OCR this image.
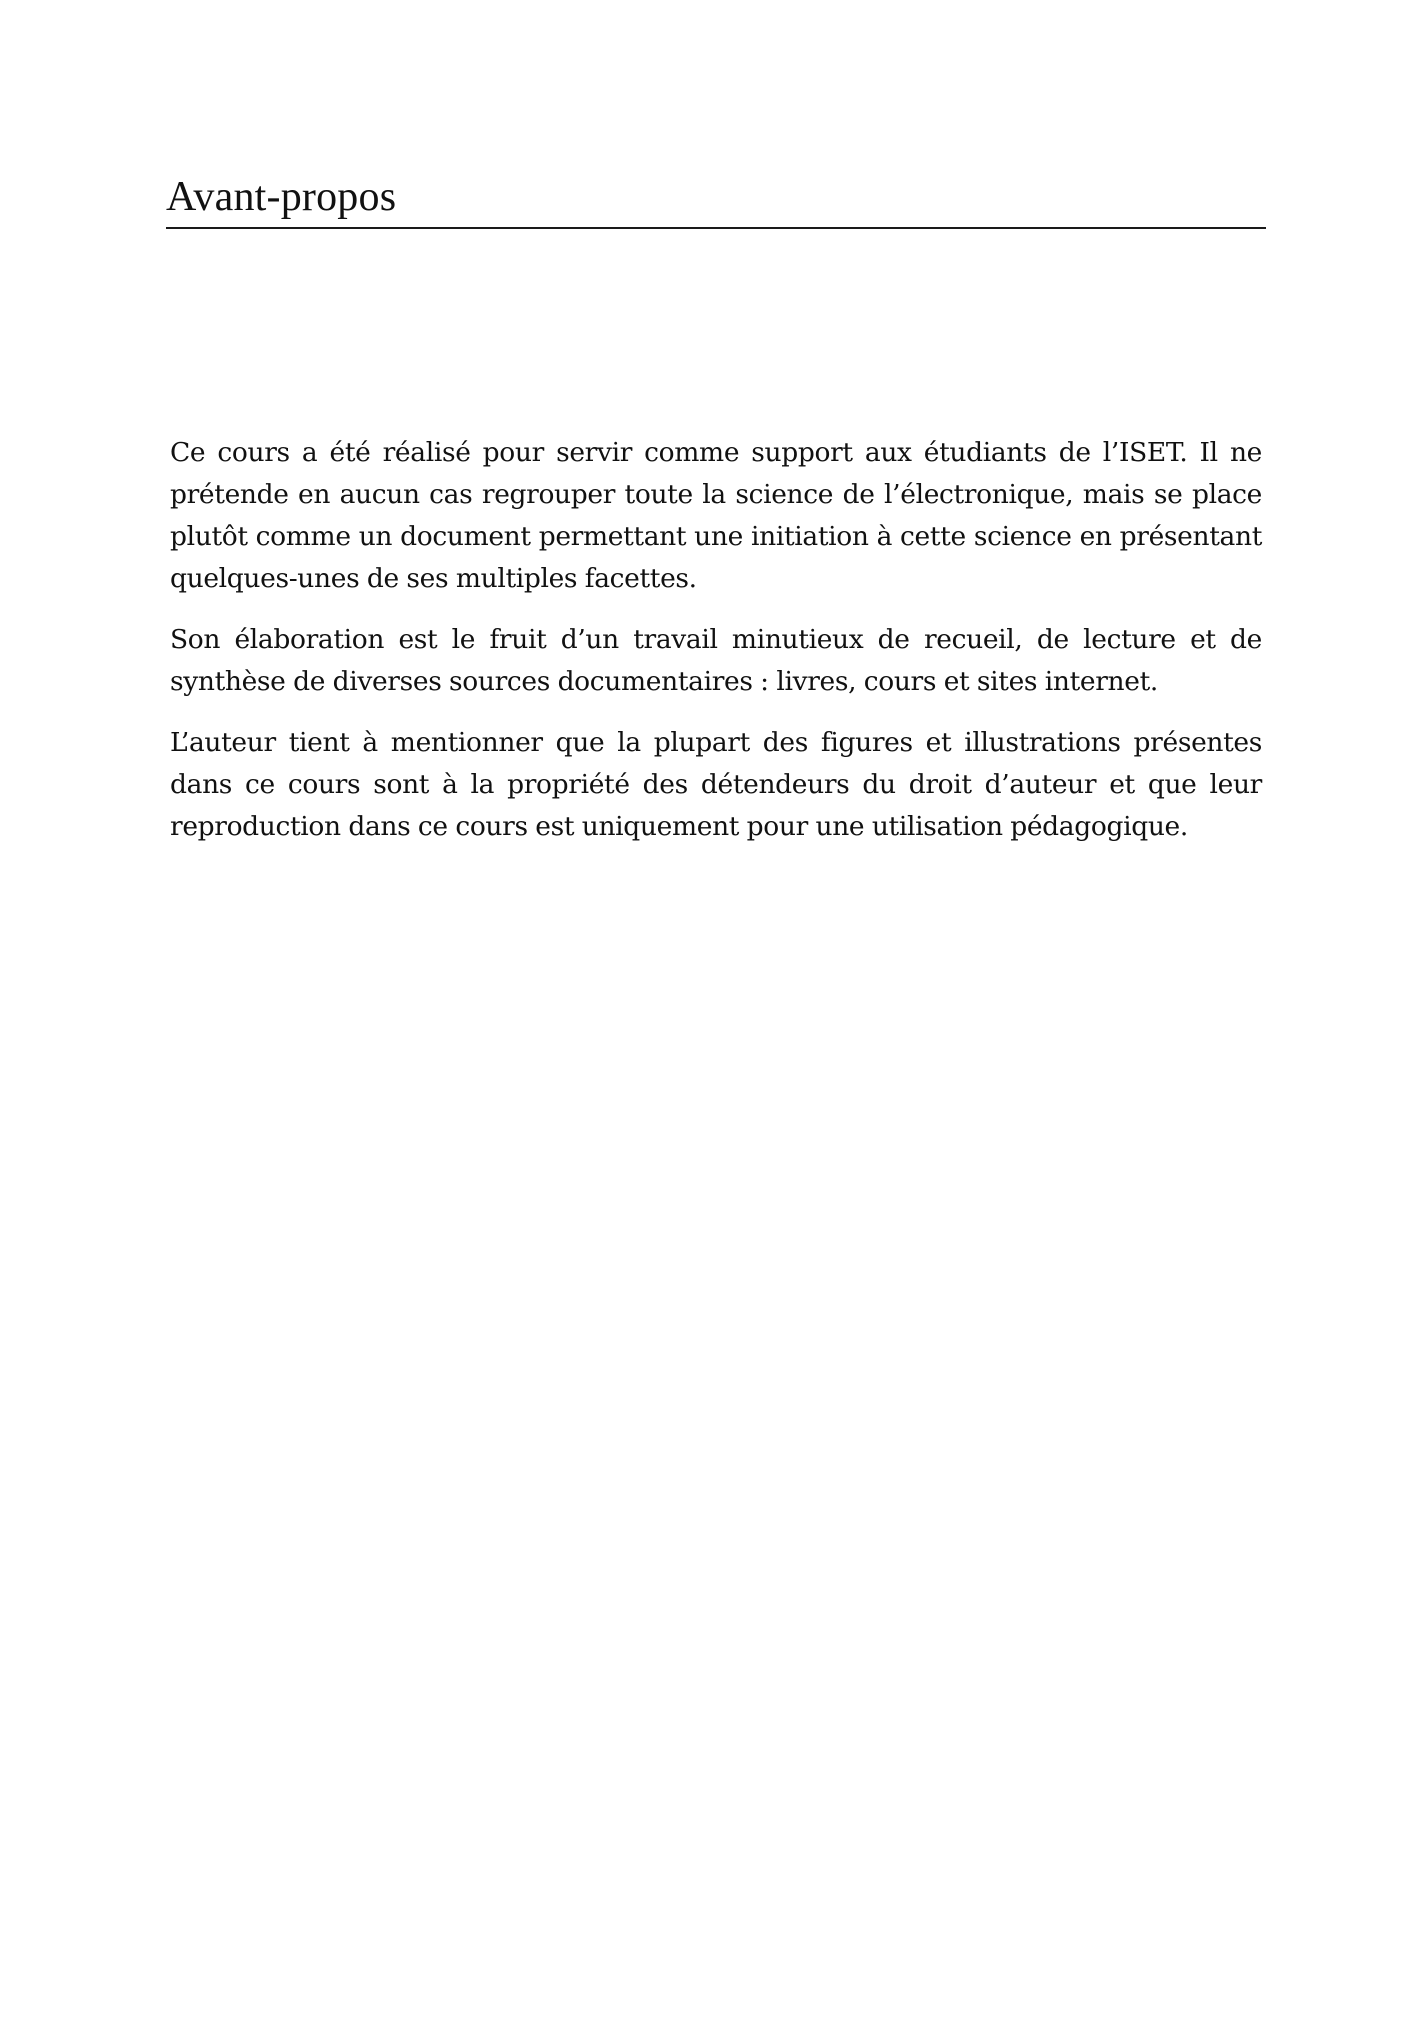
Avant-propos

Ce cours a été réalisé pour servir comme support aux étudiants de l’ISET. Il ne prétende en aucun cas regrouper toute la science de l’électronique, mais se place plutôt comme un document permettant une initiation à cette science en présentant quelques-unes de ses multiples facettes.

Son élaboration est le fruit d’un travail minutieux de recueil, de lecture et de synthèse de diverses sources documentaires : livres, cours et sites internet.

L’auteur tient à mentionner que la plupart des figures et illustrations présentes dans ce cours sont à la propriété des détendeurs du droit d’auteur et que leur reproduction dans ce cours est uniquement pour une utilisation pédagogique.
